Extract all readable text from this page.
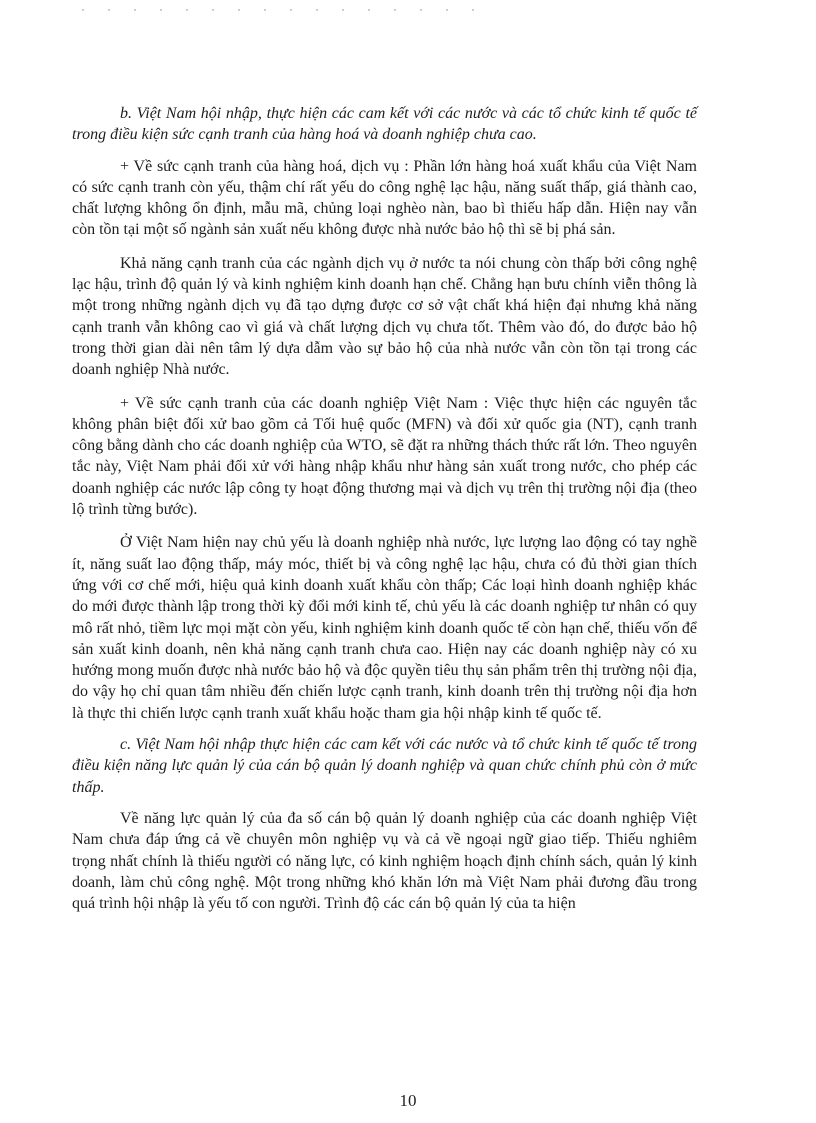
b. Việt Nam hội nhập, thực hiện các cam kết với các nước và các tổ chức kinh tế quốc tế trong điều kiện sức cạnh tranh của hàng hoá và doanh nghiệp chưa cao.

+ Về sức cạnh tranh của hàng hoá, dịch vụ : Phần lớn hàng hoá xuất khẩu của Việt Nam có sức cạnh tranh còn yếu, thậm chí rất yếu do công nghệ lạc hậu, năng suất thấp, giá thành cao, chất lượng không ổn định, mẫu mã, chủng loại nghèo nàn, bao bì thiếu hấp dẫn. Hiện nay vẫn còn tồn tại một số ngành sản xuất nếu không được nhà nước bảo hộ thì sẽ bị phá sản.

Khả năng cạnh tranh của các ngành dịch vụ ở nước ta nói chung còn thấp bởi công nghệ lạc hậu, trình độ quản lý và kinh nghiệm kinh doanh hạn chế. Chẳng hạn bưu chính viễn thông là một trong những ngành dịch vụ đã tạo dựng được cơ sở vật chất khá hiện đại nhưng khả năng cạnh tranh vẫn không cao vì giá và chất lượng dịch vụ chưa tốt. Thêm vào đó, do được bảo hộ trong thời gian dài nên tâm lý dựa dẫm vào sự bảo hộ của nhà nước vẫn còn tồn tại trong các doanh nghiệp Nhà nước.

+ Về sức cạnh tranh của các doanh nghiệp Việt Nam : Việc thực hiện các nguyên tắc không phân biệt đối xử bao gồm cả Tối huệ quốc (MFN) và đối xử quốc gia (NT), cạnh tranh công bằng dành cho các doanh nghiệp của WTO, sẽ đặt ra những thách thức rất lớn. Theo nguyên tắc này, Việt Nam phải đối xử với hàng nhập khẩu như hàng sản xuất trong nước, cho phép các doanh nghiệp các nước lập công ty hoạt động thương mại và dịch vụ trên thị trường nội địa (theo lộ trình từng bước).

Ở Việt Nam hiện nay chủ yếu là doanh nghiệp nhà nước, lực lượng lao động có tay nghề ít, năng suất lao động thấp, máy móc, thiết bị và công nghệ lạc hậu, chưa có đủ thời gian thích ứng với cơ chế mới, hiệu quả kinh doanh xuất khẩu còn thấp; Các loại hình doanh nghiệp khác do mới được thành lập trong thời kỳ đổi mới kinh tế, chủ yếu là các doanh nghiệp tư nhân có quy mô rất nhỏ, tiềm lực mọi mặt còn yếu, kinh nghiệm kinh doanh quốc tế còn hạn chế, thiếu vốn để sản xuất kinh doanh, nên khả năng cạnh tranh chưa cao. Hiện nay các doanh nghiệp này có xu hướng mong muốn được nhà nước bảo hộ và độc quyền tiêu thụ sản phẩm trên thị trường nội địa, do vậy họ chỉ quan tâm nhiều đến chiến lược cạnh tranh, kinh doanh trên thị trường nội địa hơn là thực thi chiến lược cạnh tranh xuất khẩu hoặc tham gia hội nhập kinh tế quốc tế.

c. Việt Nam hội nhập thực hiện các cam kết với các nước và tổ chức kinh tế quốc tế trong điều kiện năng lực quản lý của cán bộ quản lý doanh nghiệp và quan chức chính phủ còn ở mức thấp.

Về năng lực quản lý của đa số cán bộ quản lý doanh nghiệp của các doanh nghiệp Việt Nam chưa đáp ứng cả về chuyên môn nghiệp vụ và cả về ngoại ngữ giao tiếp. Thiếu nghiêm trọng nhất chính là thiếu người có năng lực, có kinh nghiệm hoạch định chính sách, quản lý kinh doanh, làm chủ công nghệ. Một trong những khó khăn lớn mà Việt Nam phải đương đầu trong quá trình hội nhập là yếu tố con người. Trình độ các cán bộ quản lý của ta hiện

10
